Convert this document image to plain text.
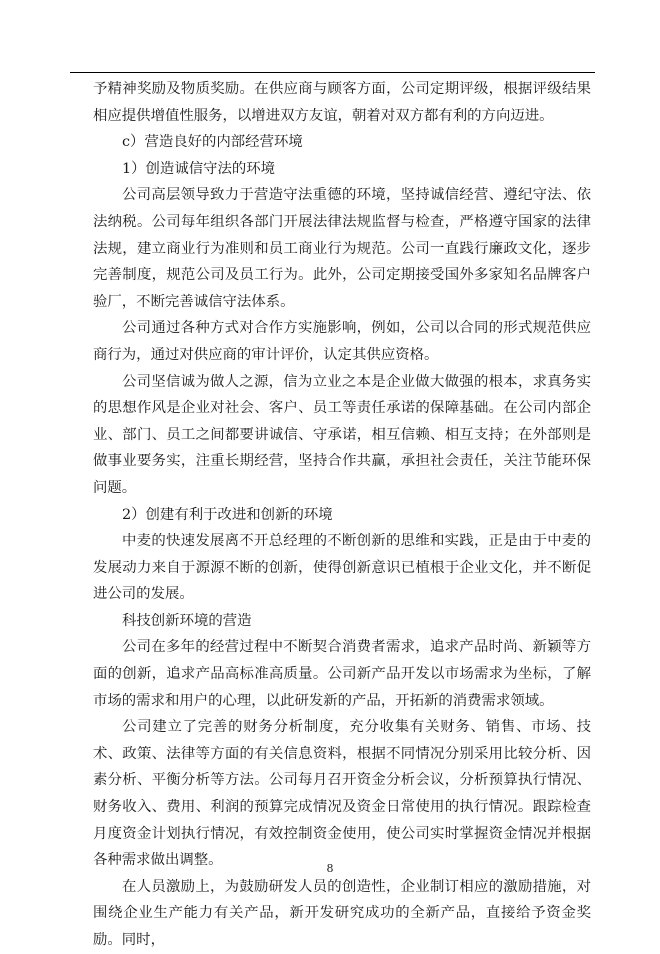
予精神奖励及物质奖励。在供应商与顾客方面，公司定期评级，根据评级结果相应提供增值性服务，以增进双方友谊，朝着对双方都有利的方向迈进。

c）营造良好的内部经营环境

1）创造诚信守法的环境

公司高层领导致力于营造守法重德的环境，坚持诚信经营、遵纪守法、依法纳税。公司每年组织各部门开展法律法规监督与检查，严格遵守国家的法律法规，建立商业行为准则和员工商业行为规范。公司一直践行廉政文化，逐步完善制度，规范公司及员工行为。此外，公司定期接受国外多家知名品牌客户验厂，不断完善诚信守法体系。

公司通过各种方式对合作方实施影响，例如，公司以合同的形式规范供应商行为，通过对供应商的审计评价，认定其供应资格。

公司坚信诚为做人之源，信为立业之本是企业做大做强的根本，求真务实的思想作风是企业对社会、客户、员工等责任承诺的保障基础。在公司内部企业、部门、员工之间都要讲诚信、守承诺，相互信赖、相互支持；在外部则是做事业要务实，注重长期经营，坚持合作共赢，承担社会责任，关注节能环保问题。

2）创建有利于改进和创新的环境

中麦的快速发展离不开总经理的不断创新的思维和实践，正是由于中麦的发展动力来自于源源不断的创新，使得创新意识已植根于企业文化，并不断促进公司的发展。

科技创新环境的营造

公司在多年的经营过程中不断契合消费者需求，追求产品时尚、新颖等方面的创新，追求产品高标准高质量。公司新产品开发以市场需求为坐标，了解市场的需求和用户的心理，以此研发新的产品，开拓新的消费需求领域。

公司建立了完善的财务分析制度，充分收集有关财务、销售、市场、技术、政策、法律等方面的有关信息资料，根据不同情况分别采用比较分析、因素分析、平衡分析等方法。公司每月召开资金分析会议，分析预算执行情况、财务收入、费用、利润的预算完成情况及资金日常使用的执行情况。跟踪检查月度资金计划执行情况，有效控制资金使用，使公司实时掌握资金情况并根据各种需求做出调整。

在人员激励上，为鼓励研发人员的创造性，企业制订相应的激励措施，对围绕企业生产能力有关产品，新开发研究成功的全新产品，直接给予资金奖励。同时，

8
